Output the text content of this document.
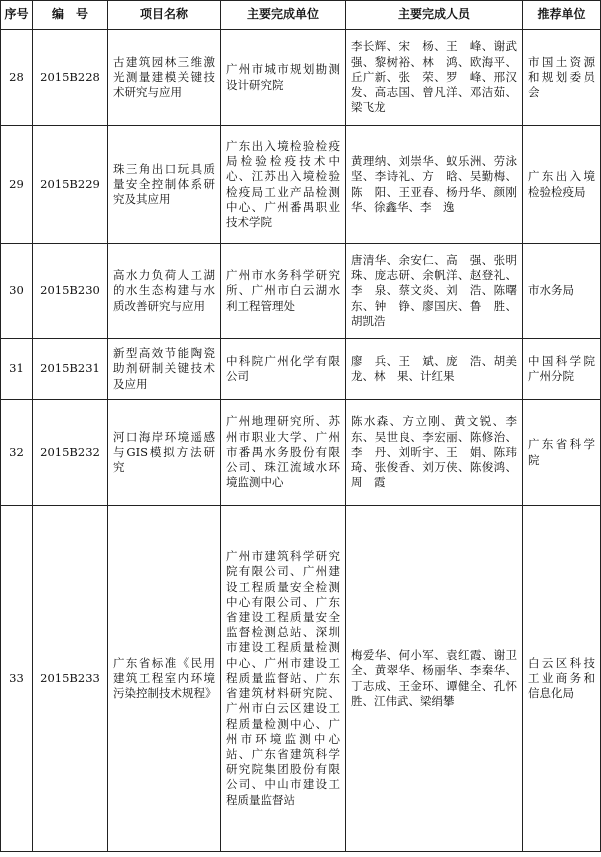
序号	编　号	项目名称	主要完成单位	主要完成人员	推荐单位
28	2015B228	古建筑园林三维激光测量建模关键技术研究与应用	广州市城市规划勘测设计研究院	李长辉、宋　杨、王　峰、谢武强、黎树裕、林　鸿、欧海平、丘广新、张　荣、罗　峰、邢汉发、高志国、曾凡洋、邓洁茹、梁飞龙	市国土资源和规划委员会
29	2015B229	珠三角出口玩具质量安全控制体系研究及其应用	广东出入境检验检疫局检验检疫技术中心、江苏出入境检验检疫局工业产品检测中心、广州番禺职业技术学院	黄理纳、刘崇华、蚁乐洲、劳泳坚、李诗礼、方　晗、吴勤梅、陈　阳、王亚春、杨丹华、颜刚华、徐鑫华、李　逸	广东出入境检验检疫局
30	2015B230	高水力负荷人工湖的水生态构建与水质改善研究与应用	广州市水务科学研究所、广州市白云湖水利工程管理处	唐清华、余安仁、高　强、张明珠、庞志研、余帆洋、赵登礼、李　泉、蔡文炎、刘　浩、陈曙东、钟　铮、廖国庆、鲁　胜、胡凯浩	市水务局
31	2015B231	新型高效节能陶瓷助剂研制关键技术及应用	中科院广州化学有限公司	廖　兵、王　斌、庞　浩、胡美龙、林　果、计红果	中国科学院广州分院
32	2015B232	河口海岸环境遥感与GIS模拟方法研究	广州地理研究所、苏州市职业大学、广州市番禺水务股份有限公司、珠江流域水环境监测中心	陈水森、方立刚、黄文锐、李　东、吴世良、李宏丽、陈修治、李　丹、刘昕宇、王　娟、陈玮琦、张俊香、刘万侠、陈俊鸿、周　霞	广东省科学院
33	2015B233	广东省标准《民用建筑工程室内环境污染控制技术规程》	广州市建筑科学研究院有限公司、广州建设工程质量安全检测中心有限公司、广东省建设工程质量安全监督检测总站、深圳市建设工程质量检测中心、广州市建设工程质量监督站、广东省建筑材料研究院、广州市白云区建设工程质量检测中心、广州市环境监测中心站、广东省建筑科学研究院集团股份有限公司、中山市建设工程质量监督站	梅爱华、何小军、袁红霞、谢卫全、黄翠华、杨丽华、李秦华、丁志成、王金环、谭健全、孔怀胜、江伟武、梁绢攀	白云区科技工业商务和信息化局
